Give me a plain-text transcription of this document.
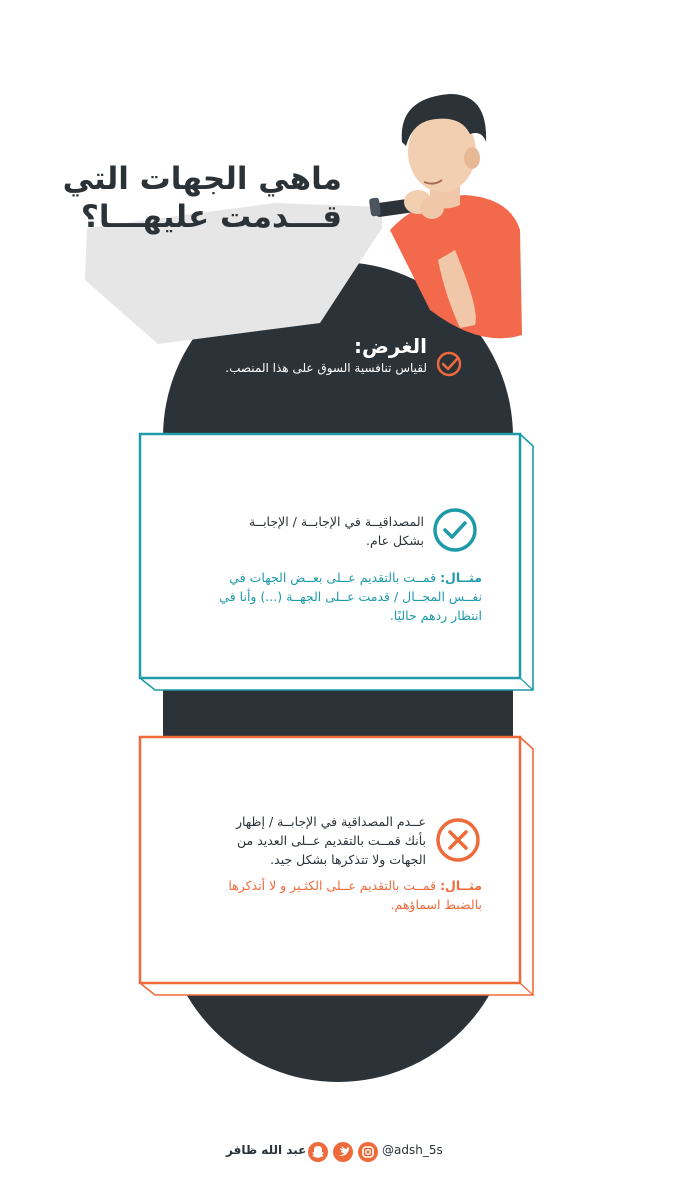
ماهي الجهات التي
قـــدمت عليهـــا؟
الغرض:
لقياس تنافسية السوق على هذا المنصب.
المصداقيــة في الإجابــة / الإجابــة
بشكل عام.
مثــال: قمــت بالتقديم عــلى بعــض الجهات في
نفــس المجــال / قدمت عــلى الجهــة (...) وأنا في
انتظار ردهم حاليًا.
عــدم المصداقية في الإجابــة / إظهار
بأنك قمــت بالتقديم عــلى العديد من
الجهات ولا تتذكرها بشكل جيد.
مثــال: قمــت بالتقديم عــلى الكثـير و لا أتذكرها
بالضبط اسماؤهم.
@adsh_5s
عبد الله ظافر
